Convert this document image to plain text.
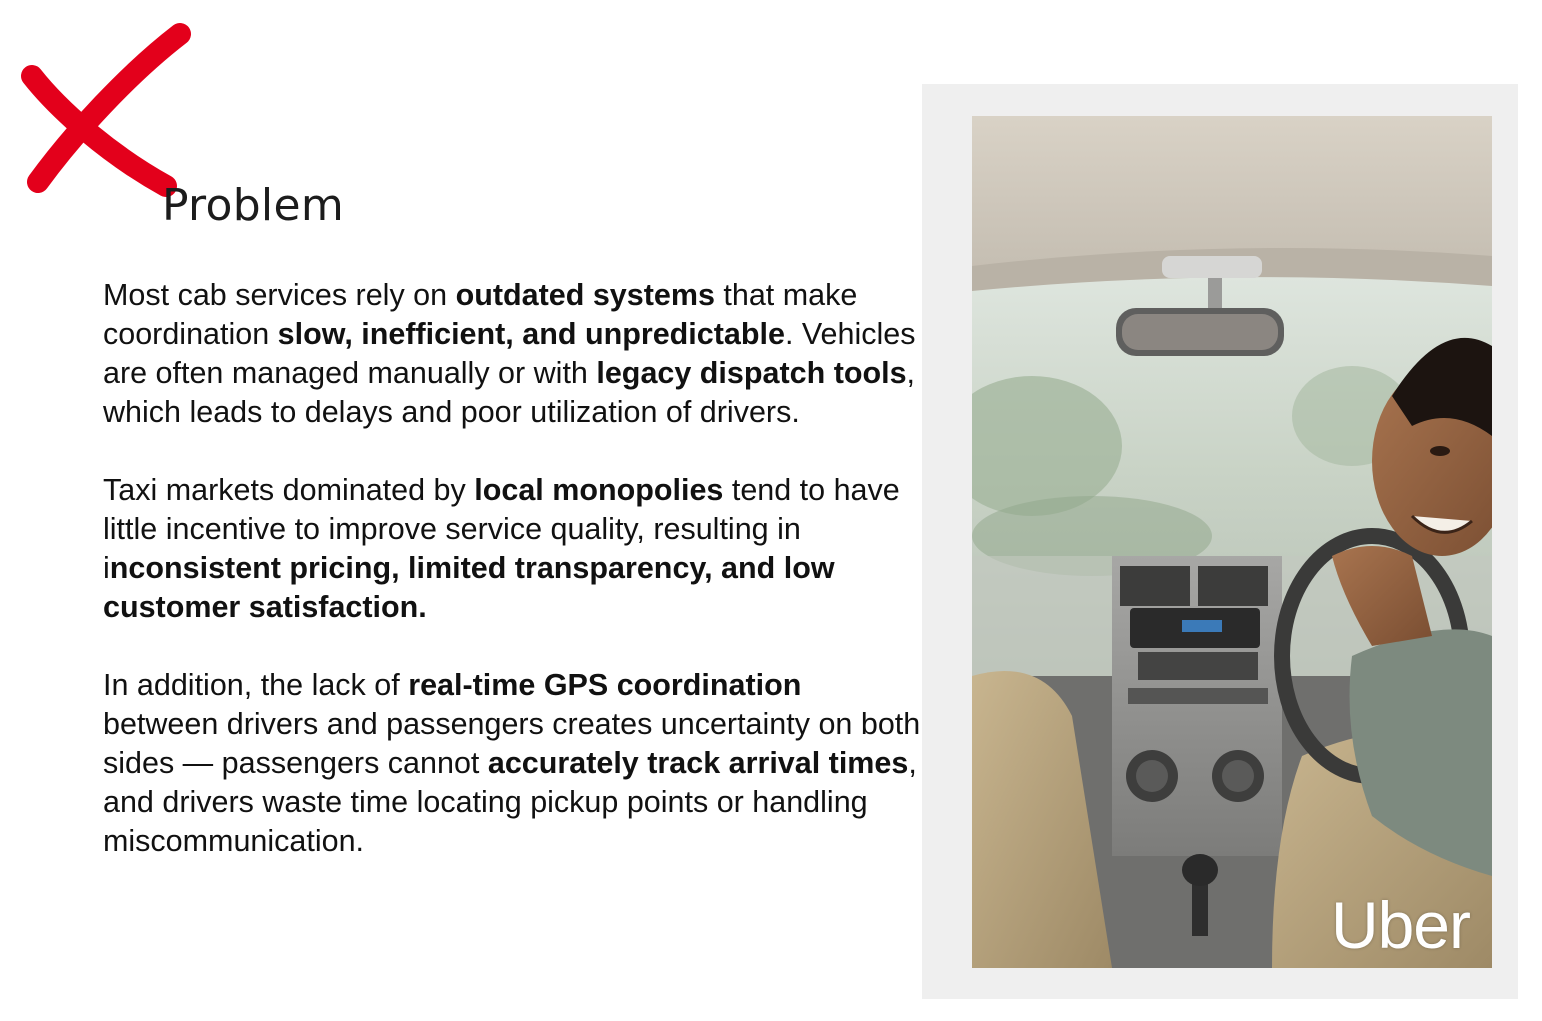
Problem

Most cab services rely on outdated systems that make coordination slow, inefficient, and unpredictable. Vehicles are often managed manually or with legacy dispatch tools, which leads to delays and poor utilization of drivers.

Taxi markets dominated by local monopolies tend to have little incentive to improve service quality, resulting in inconsistent pricing, limited transparency, and low customer satisfaction.

In addition, the lack of real-time GPS coordination between drivers and passengers creates uncertainty on both sides — passengers cannot accurately track arrival times, and drivers waste time locating pickup points or handling miscommunication.

Uber
